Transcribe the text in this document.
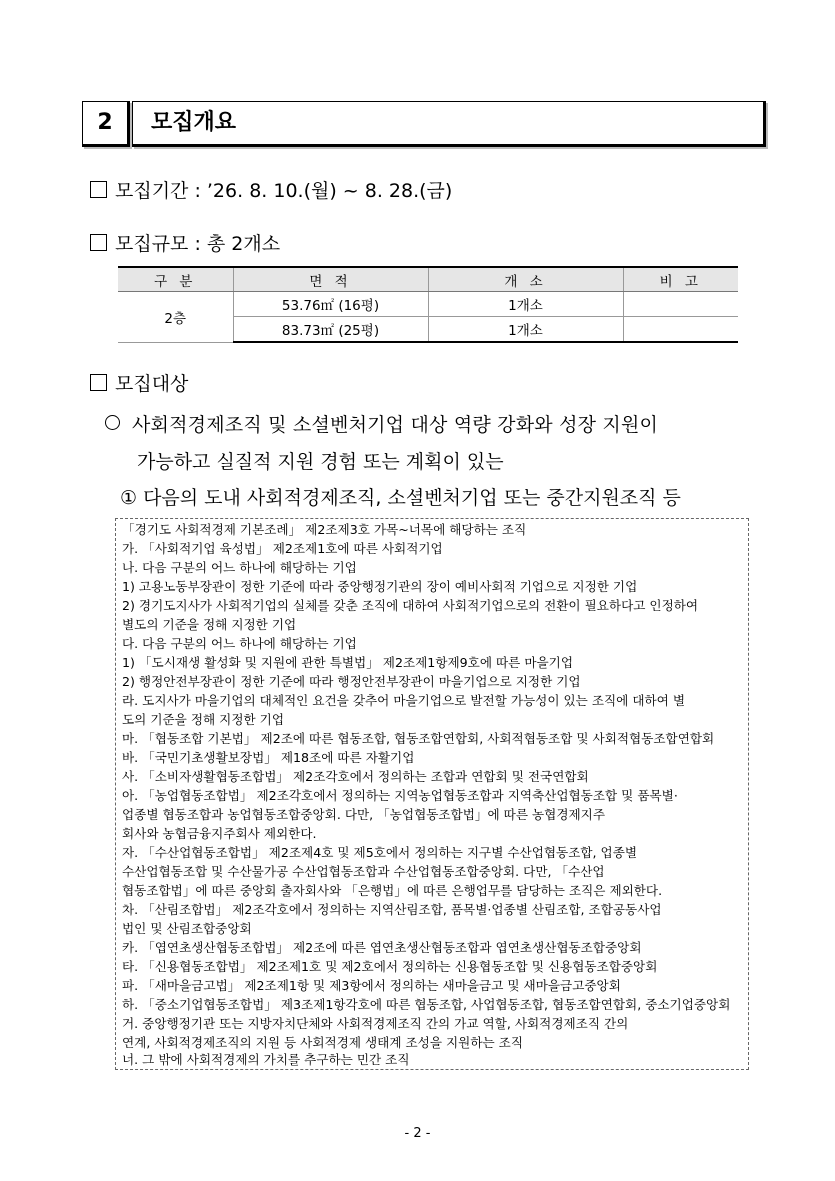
2	모집개요
모집기간 : ’26. 8. 10.(월) ~ 8. 28.(금)
모집규모 : 총 2개소
구 분	면 적	개 소	비 고
2층	53.76㎡ (16평)	1개소	
	83.73㎡ (25평)	1개소	
모집대상
사회적경제조직 및 소셜벤처기업 대상 역량 강화와 성장 지원이
가능하고 실질적 지원 경험 또는 계획이 있는
① 다음의 도내 사회적경제조직, 소셜벤처기업 또는 중간지원조직 등
「경기도 사회적경제 기본조례」 제2조제3호 가목~너목에 해당하는 조직
가. 「사회적기업 육성법」 제2조제1호에 따른 사회적기업
나. 다음 구분의 어느 하나에 해당하는 기업
1) 고용노동부장관이 정한 기준에 따라 중앙행정기관의 장이 예비사회적 기업으로 지정한 기업
2) 경기도지사가 사회적기업의 실체를 갖춘 조직에 대하여 사회적기업으로의 전환이 필요하다고 인정하여
별도의 기준을 정해 지정한 기업
다. 다음 구분의 어느 하나에 해당하는 기업
1) 「도시재생 활성화 및 지원에 관한 특별법」 제2조제1항제9호에 따른 마을기업
2) 행정안전부장관이 정한 기준에 따라 행정안전부장관이 마을기업으로 지정한 기업
라. 도지사가 마을기업의 대체적인 요건을 갖추어 마을기업으로 발전할 가능성이 있는 조직에 대하여 별
도의 기준을 정해 지정한 기업
마. 「협동조합 기본법」 제2조에 따른 협동조합, 협동조합연합회, 사회적협동조합 및 사회적협동조합연합회
바. 「국민기초생활보장법」 제18조에 따른 자활기업
사. 「소비자생활협동조합법」 제2조각호에서 정의하는 조합과 연합회 및 전국연합회
아. 「농업협동조합법」 제2조각호에서 정의하는 지역농업협동조합과 지역축산업협동조합 및 품목별·
업종별 협동조합과 농업협동조합중앙회. 다만, 「농업협동조합법」에 따른 농협경제지주
회사와 농협금융지주회사 제외한다.
자. 「수산업협동조합법」 제2조제4호 및 제5호에서 정의하는 지구별 수산업협동조합, 업종별
수산업협동조합 및 수산물가공 수산업협동조합과 수산업협동조합중앙회. 다만, 「수산업
협동조합법」에 따른 중앙회 출자회사와 「은행법」에 따른 은행업무를 담당하는 조직은 제외한다.
차. 「산림조합법」 제2조각호에서 정의하는 지역산림조합, 품목별·업종별 산림조합, 조합공동사업
법인 및 산림조합중앙회
카. 「엽연초생산협동조합법」 제2조에 따른 엽연초생산협동조합과 엽연초생산협동조합중앙회
타. 「신용협동조합법」 제2조제1호 및 제2호에서 정의하는 신용협동조합 및 신용협동조합중앙회
파. 「새마을금고법」 제2조제1항 및 제3항에서 정의하는 새마을금고 및 새마을금고중앙회
하. 「중소기업협동조합법」 제3조제1항각호에 따른 협동조합, 사업협동조합, 협동조합연합회, 중소기업중앙회
거. 중앙행정기관 또는 지방자치단체와 사회적경제조직 간의 가교 역할, 사회적경제조직 간의
연계, 사회적경제조직의 지원 등 사회적경제 생태계 조성을 지원하는 조직
너. 그 밖에 사회적경제의 가치를 추구하는 민간 조직
- 2 -
